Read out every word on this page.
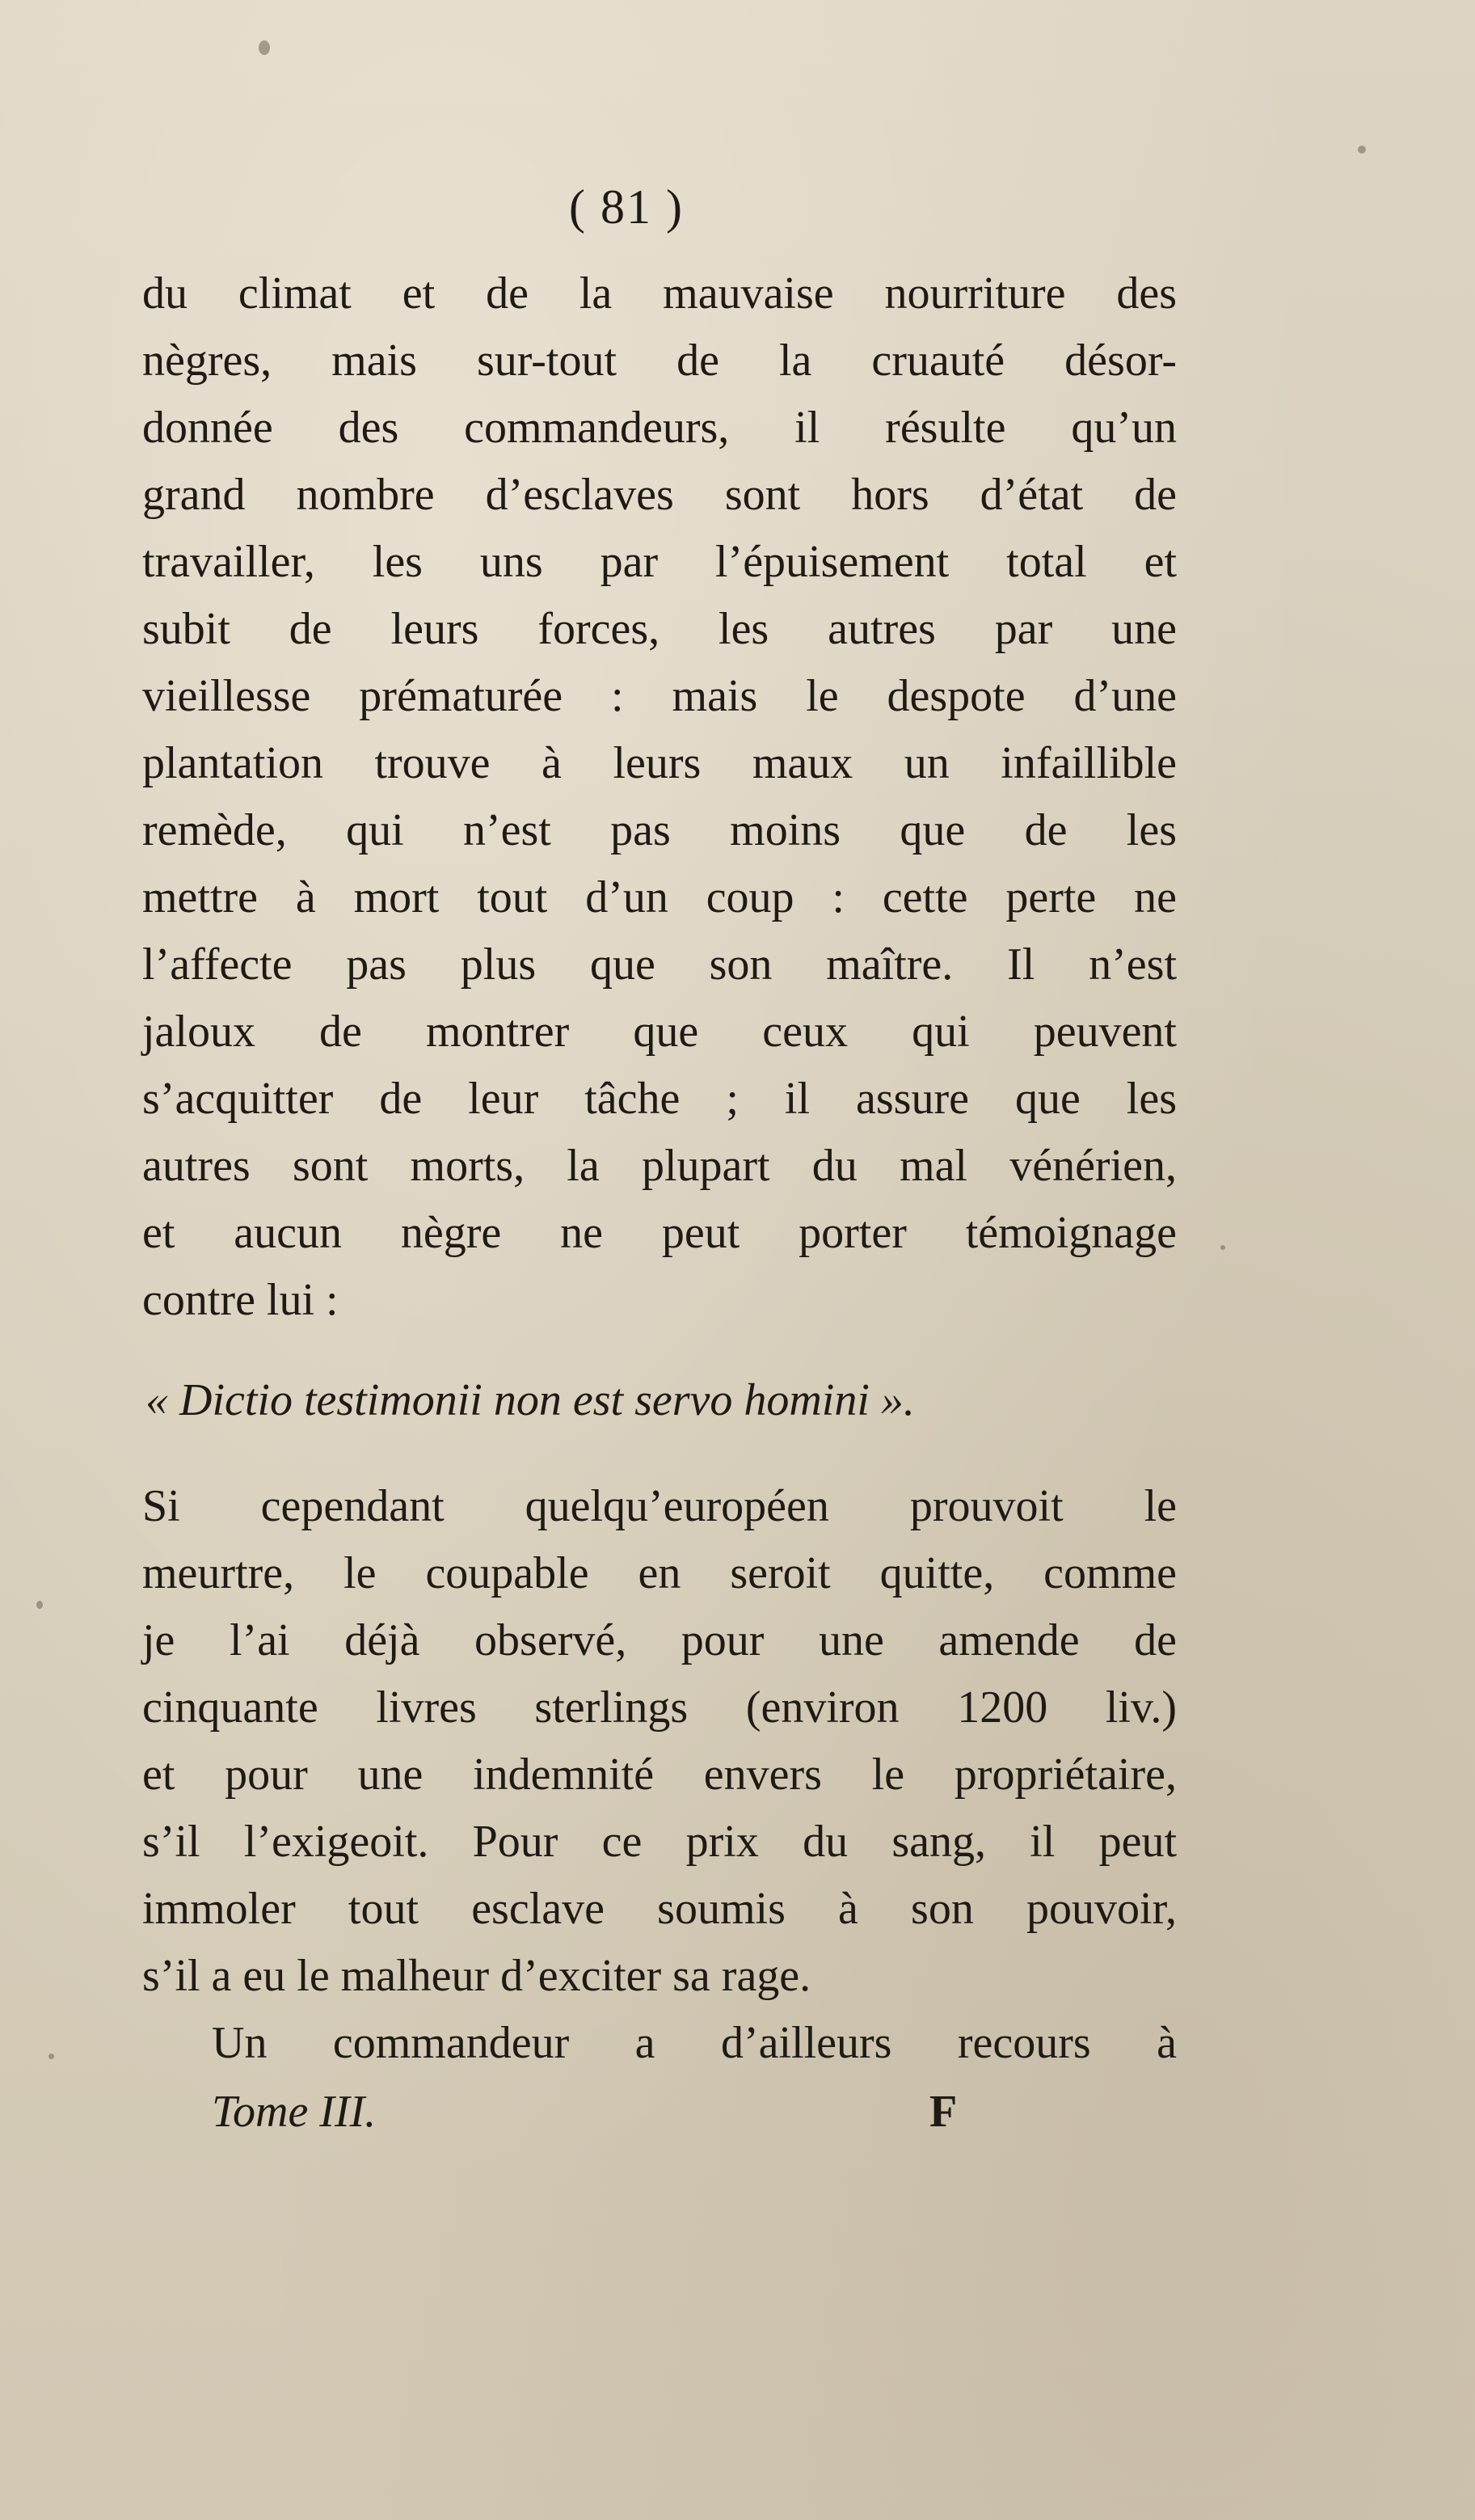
( 81 )
du climat et de la mauvaise nourriture des
nègres, mais sur-tout de la cruauté désor-
donnée des commandeurs, il résulte qu’un
grand nombre d’esclaves sont hors d’état de
travailler, les uns par l’épuisement total et
subit de leurs forces, les autres par une
vieillesse prématurée : mais le despote d’une
plantation trouve à leurs maux un infaillible
remède, qui n’est pas moins que de les
mettre à mort tout d’un coup : cette perte ne
l’affecte pas plus que son maître. Il n’est
jaloux de montrer que ceux qui peuvent
s’acquitter de leur tâche ; il assure que les
autres sont morts, la plupart du mal vénérien,
et aucun nègre ne peut porter témoignage
contre lui :
« Dictio testimonii non est servo homini ».
Si cependant quelqu’européen prouvoit le
meurtre, le coupable en seroit quitte, comme
je l’ai déjà observé, pour une amende de
cinquante livres sterlings (environ 1200 liv.)
et pour une indemnité envers le propriétaire,
s’il l’exigeoit. Pour ce prix du sang, il peut
immoler tout esclave soumis à son pouvoir,
s’il a eu le malheur d’exciter sa rage.
Un commandeur a d’ailleurs recours à
Tome III.	F
